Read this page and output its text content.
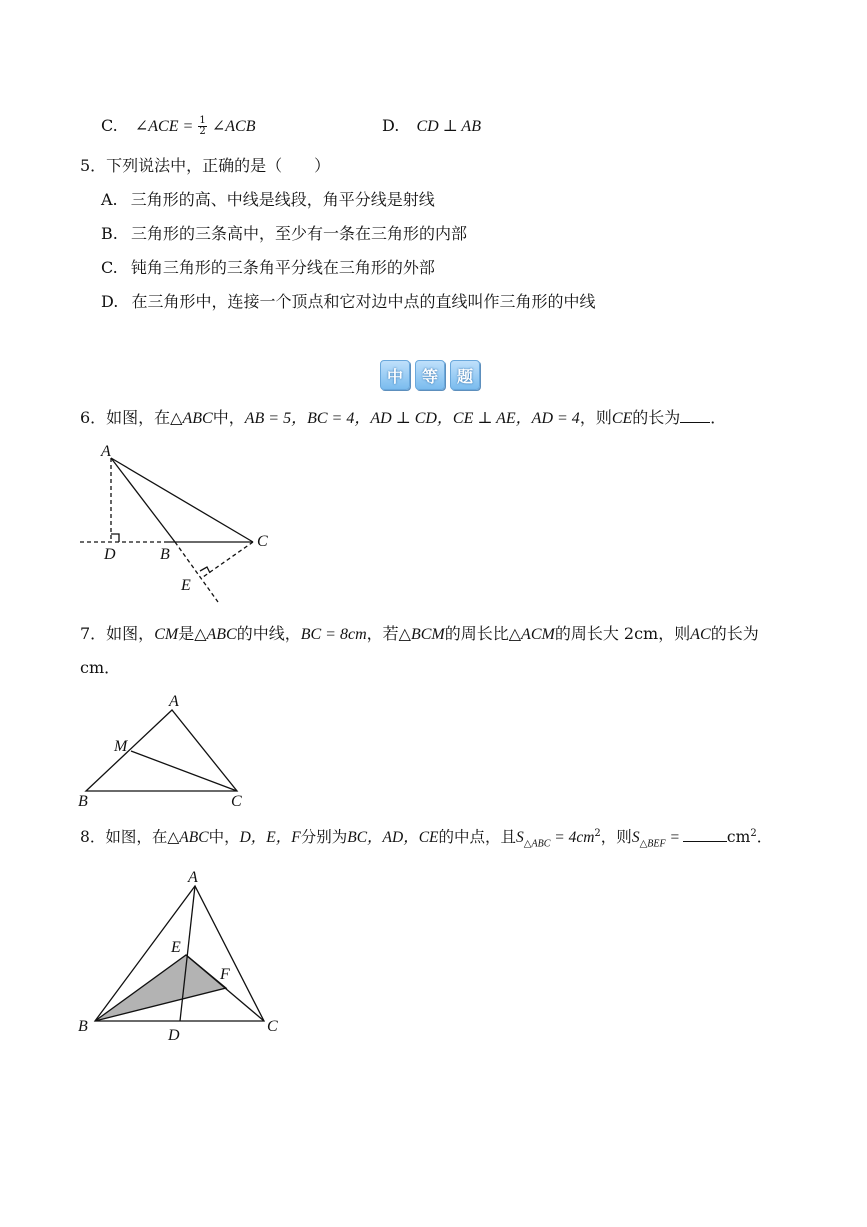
C. ∠ACE = $\frac{1}{2}$ ∠ACB	D. CD ⊥ AB
5．下列说法中，正确的是（　　）
A. 三角形的高、中线是线段，角平分线是射线
B. 三角形的三条高中，至少有一条在三角形的内部
C. 钝角三角形的三条角平分线在三角形的外部
D. 在三角形中，连接一个顶点和它对边中点的直线叫作三角形的中线
中	等	题
6．如图，在△ABC中，AB = 5，BC = 4，AD ⊥ CD，CE ⊥ AE，AD = 4，则CE的长为 ．
A
D	B
C
E
A
M
B	C
A
E
F
B
D
C
7．如图，CM是△ABC的中线，BC = 8cm，若△BCM的周长比△ACM的周长大 2cm，则AC的长为
cm．
8．如图，在△ABC中，D，E，F分别为BC，AD，CE的中点，且$S_{\triangle ABC} = 4cm^2$，则$S_{\triangle BEF}$ =	$cm^2$．
